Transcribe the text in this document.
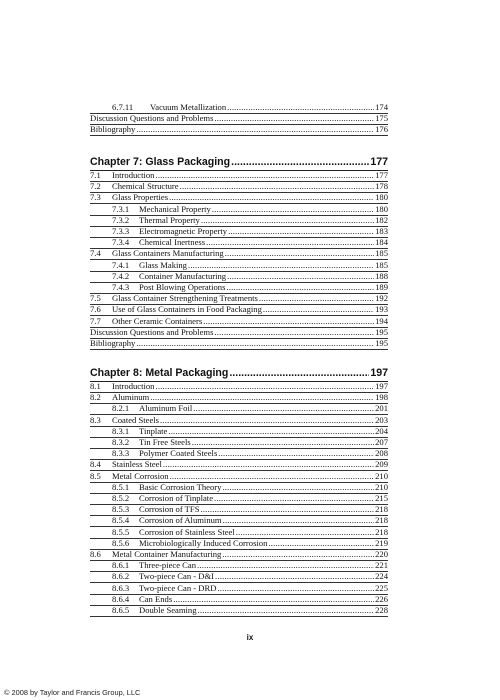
6.7.11	Vacuum Metallization .....	174
Discussion Questions and Problems .....	175
Bibliography .....	176
Chapter 7: Glass Packaging .....	177
7.1	Introduction .....	177
7.2	Chemical Structure .....	178
7.3	Glass Properties .....	180
7.3.1	Mechanical Property .....	180
7.3.2	Thermal Property .....	182
7.3.3	Electromagnetic Property .....	183
7.3.4	Chemical Inertness .....	184
7.4	Glass Containers Manufacturing .....	185
7.4.1	Glass Making .....	185
7.4.2	Container Manufacturing .....	188
7.4.3	Post Blowing Operations .....	189
7.5	Glass Container Strengthening Treatments .....	192
7.6	Use of Glass Containers in Food Packaging .....	193
7.7	Other Ceramic Containers .....	194
Discussion Questions and Problems .....	195
Bibliography .....	195
Chapter 8: Metal Packaging .....	197
8.1	Introduction .....	197
8.2	Aluminum .....	198
8.2.1	Aluminum Foil .....	201
8.3	Coated Steels .....	203
8.3.1	Tinplate .....	204
8.3.2	Tin Free Steels .....	207
8.3.3	Polymer Coated Steels .....	208
8.4	Stainless Steel .....	209
8.5	Metal Corrosion .....	210
8.5.1	Basic Corrosion Theory .....	210
8.5.2	Corrosion of Tinplate .....	215
8.5.3	Corrosion of TFS .....	218
8.5.4	Corrosion of Aluminum .....	218
8.5.5	Corrosion of Stainless Steel .....	218
8.5.6	Microbiologically Induced Corrosion .....	219
8.6	Metal Container Manufacturing .....	220
8.6.1	Three-piece Can .....	221
8.6.2	Two-piece Can - D&I .....	224
8.6.3	Two-piece Can - DRD .....	225
8.6.4	Can Ends .....	226
8.6.5	Double Seaming .....	228
ix
© 2008 by Taylor and Francis Group, LLC
